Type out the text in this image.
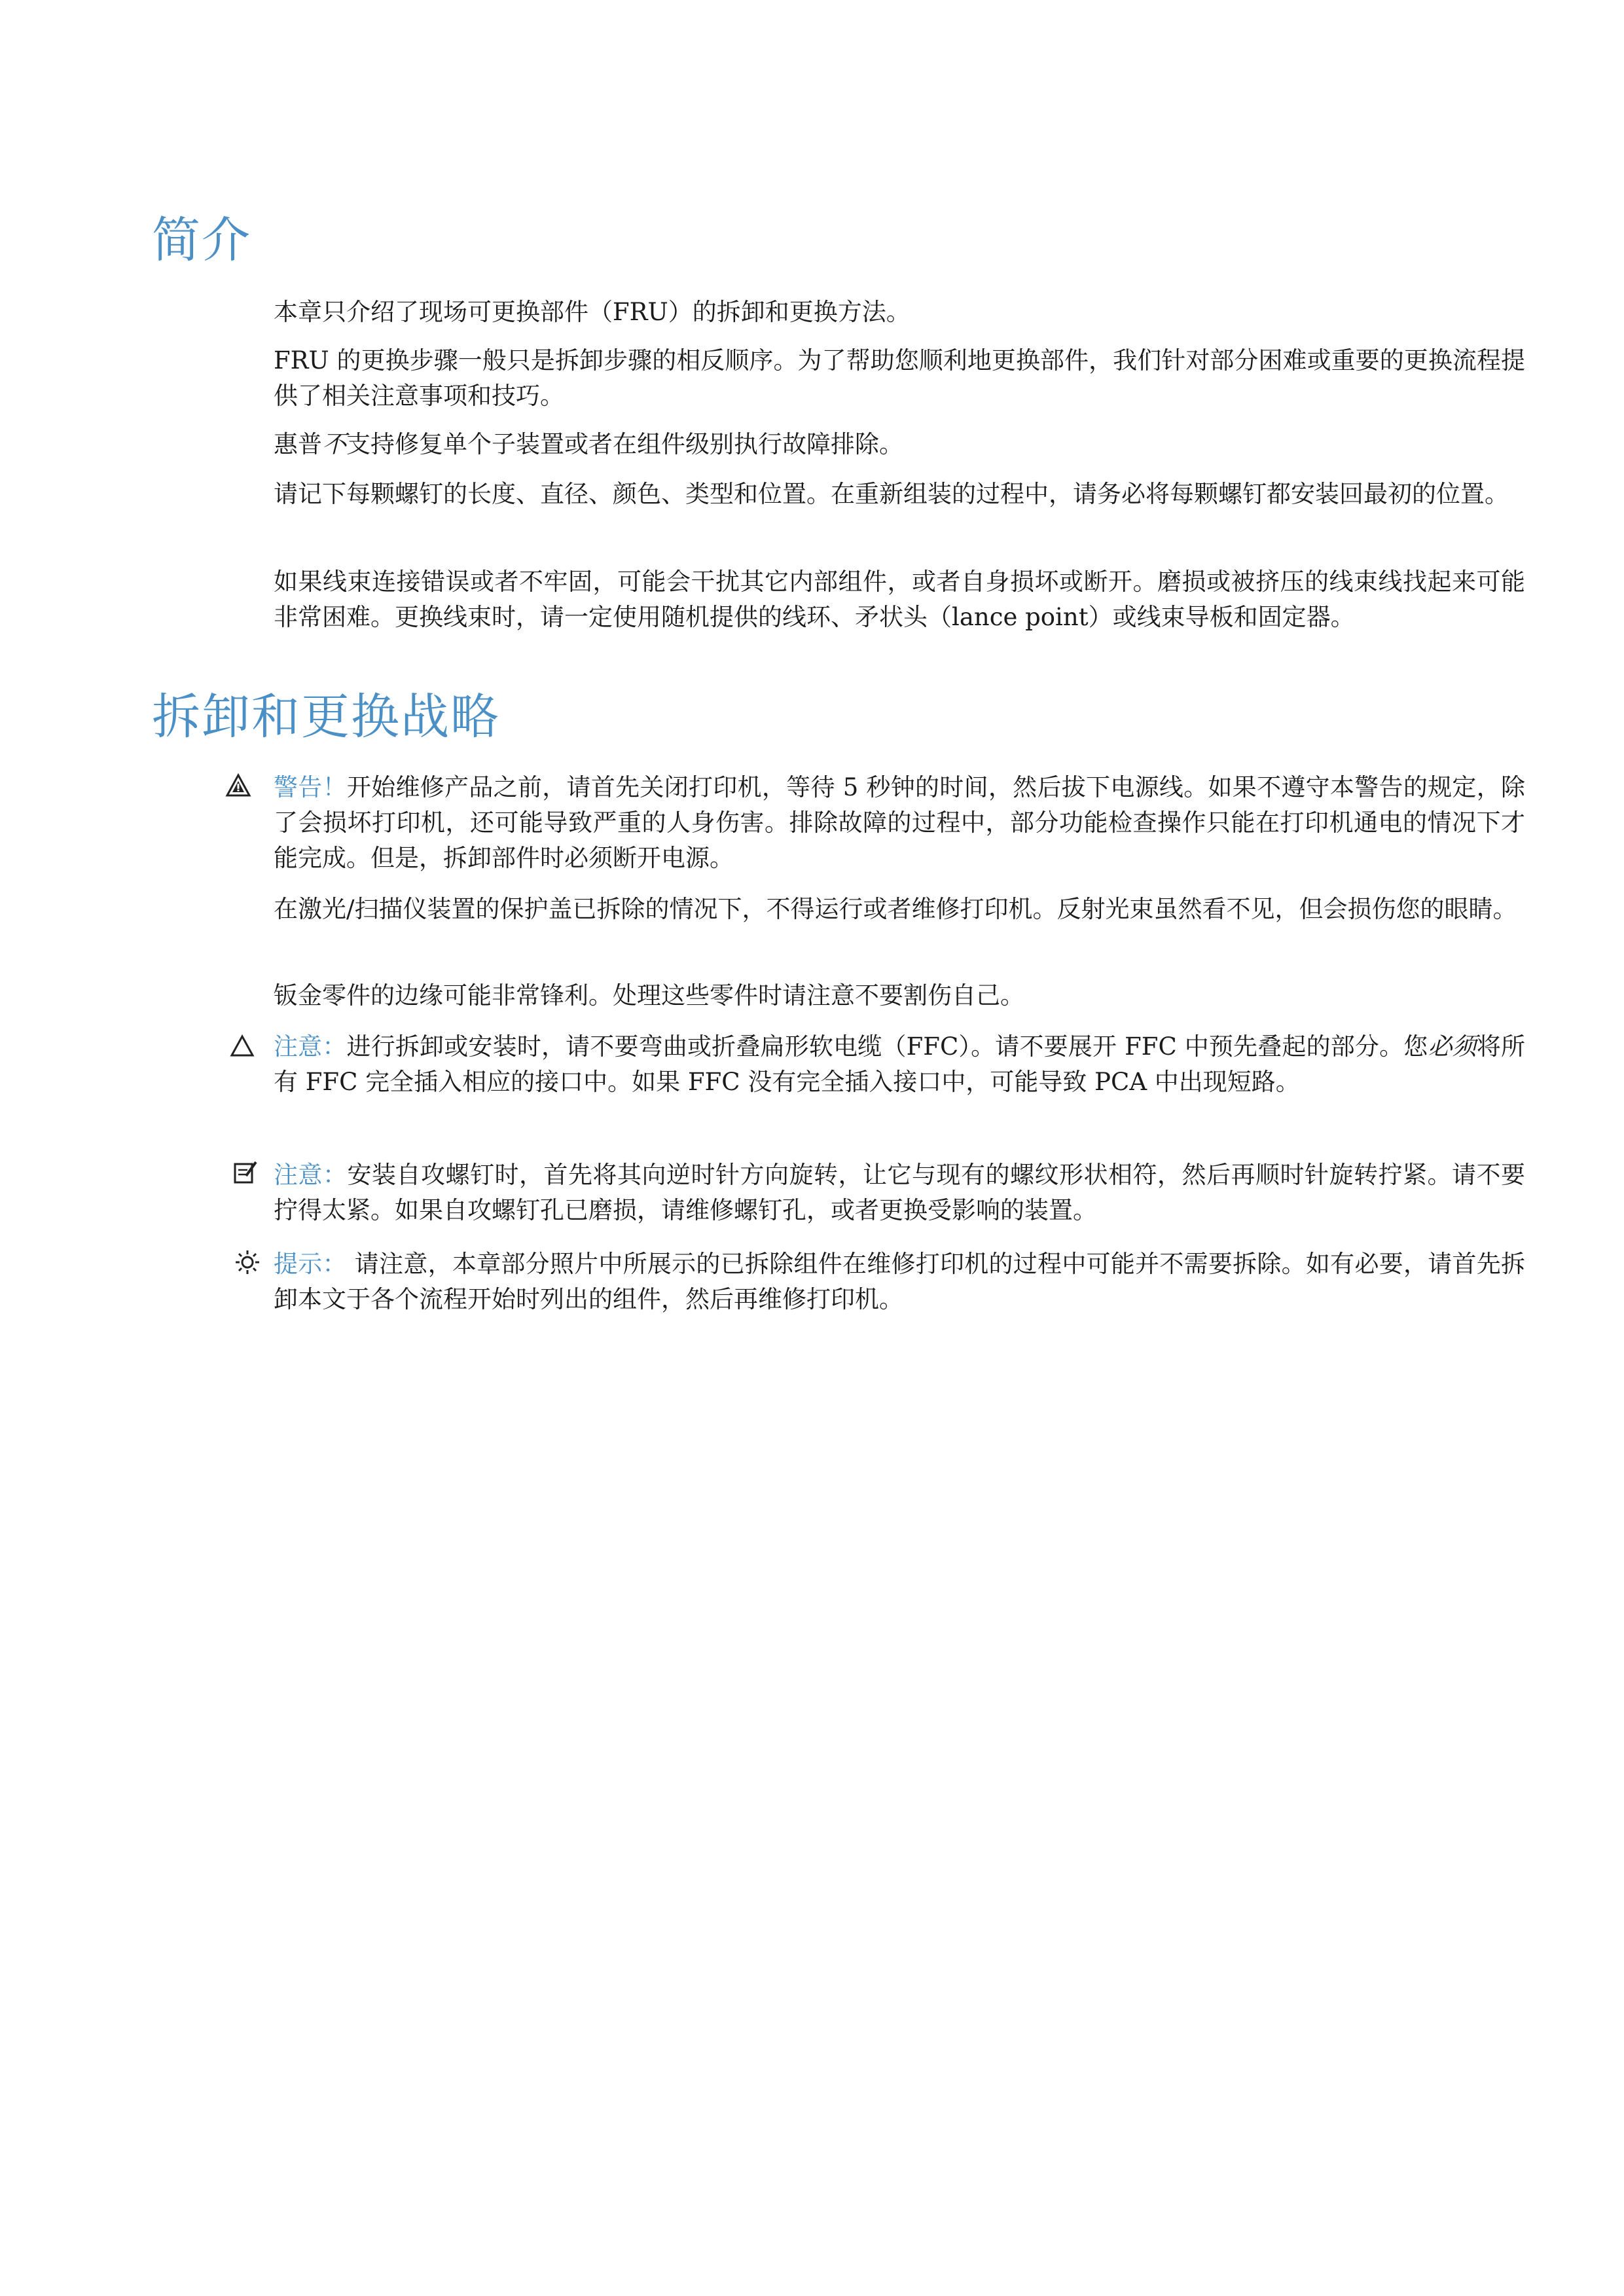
简介

本章只介绍了现场可更换部件（FRU）的拆卸和更换方法。

FRU 的更换步骤一般只是拆卸步骤的相反顺序。为了帮助您顺利地更换部件，我们针对部分困难或重要的更换流程提供了相关注意事项和技巧。

惠普不支持修复单个子装置或者在组件级别执行故障排除。

请记下每颗螺钉的长度、直径、颜色、类型和位置。在重新组装的过程中，请务必将每颗螺钉都安装回最初的位置。

如果线束连接错误或者不牢固，可能会干扰其它内部组件，或者自身损坏或断开。磨损或被挤压的线束线找起来可能非常困难。更换线束时，请一定使用随机提供的线环、矛状头（lance point）或线束导板和固定器。

拆卸和更换战略

警告！开始维修产品之前，请首先关闭打印机，等待 5 秒钟的时间，然后拔下电源线。如果不遵守本警告的规定，除了会损坏打印机，还可能导致严重的人身伤害。排除故障的过程中，部分功能检查操作只能在打印机通电的情况下才能完成。但是，拆卸部件时必须断开电源。

在激光/扫描仪装置的保护盖已拆除的情况下，不得运行或者维修打印机。反射光束虽然看不见，但会损伤您的眼睛。

钣金零件的边缘可能非常锋利。处理这些零件时请注意不要割伤自己。

注意：进行拆卸或安装时，请不要弯曲或折叠扁形软电缆（FFC）。请不要展开 FFC 中预先叠起的部分。您必须将所有 FFC 完全插入相应的接口中。如果 FFC 没有完全插入接口中，可能导致 PCA 中出现短路。

注意：安装自攻螺钉时，首先将其向逆时针方向旋转，让它与现有的螺纹形状相符，然后再顺时针旋转拧紧。请不要拧得太紧。如果自攻螺钉孔已磨损，请维修螺钉孔，或者更换受影响的装置。

提示： 请注意，本章部分照片中所展示的已拆除组件在维修打印机的过程中可能并不需要拆除。如有必要，请首先拆卸本文于各个流程开始时列出的组件，然后再维修打印机。
